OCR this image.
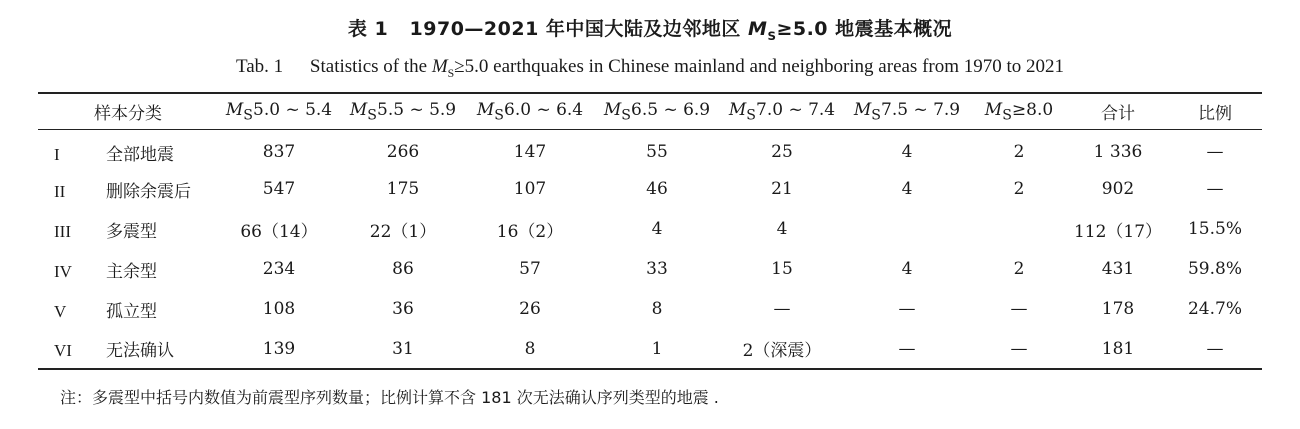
表 1 1970—2021 年中国大陆及边邻地区 $M_S\ge 5.0$ 地震基本概况
Tab. 1 Statistics of the $M_S\ge 5.0$ earthquakes in Chinese mainland and neighboring areas from 1970 to 2021
样本分类	$M_S5.0$ ~ 5.4	$M_S5.5$ ~ 5.9	$M_S6.0$ ~ 6.4	$M_S6.5$ ~ 6.9	$M_S7.0$ ~ 7.4	$M_S7.5$ ~ 7.9	$M_S\ge 8.0$	合计	比例
I 全部地震	837	266	147	55	25	4	2	1 336	—
II 删除余震后	547	175	107	46	21	4	2	902	—
III 多震型	66（14）	22（1）	16（2）	4	4			112（17）	15.5%
IV 主余型	234	86	57	33	15	4	2	431	59.8%
V 孤立型	108	36	26	8	—	—	—	178	24.7%
VI 无法确认	139	31	8	1	2（深震）	—	—	181	—
注：多震型中括号内数值为前震型序列数量；比例计算不含 181 次无法确认序列类型的地震 .
